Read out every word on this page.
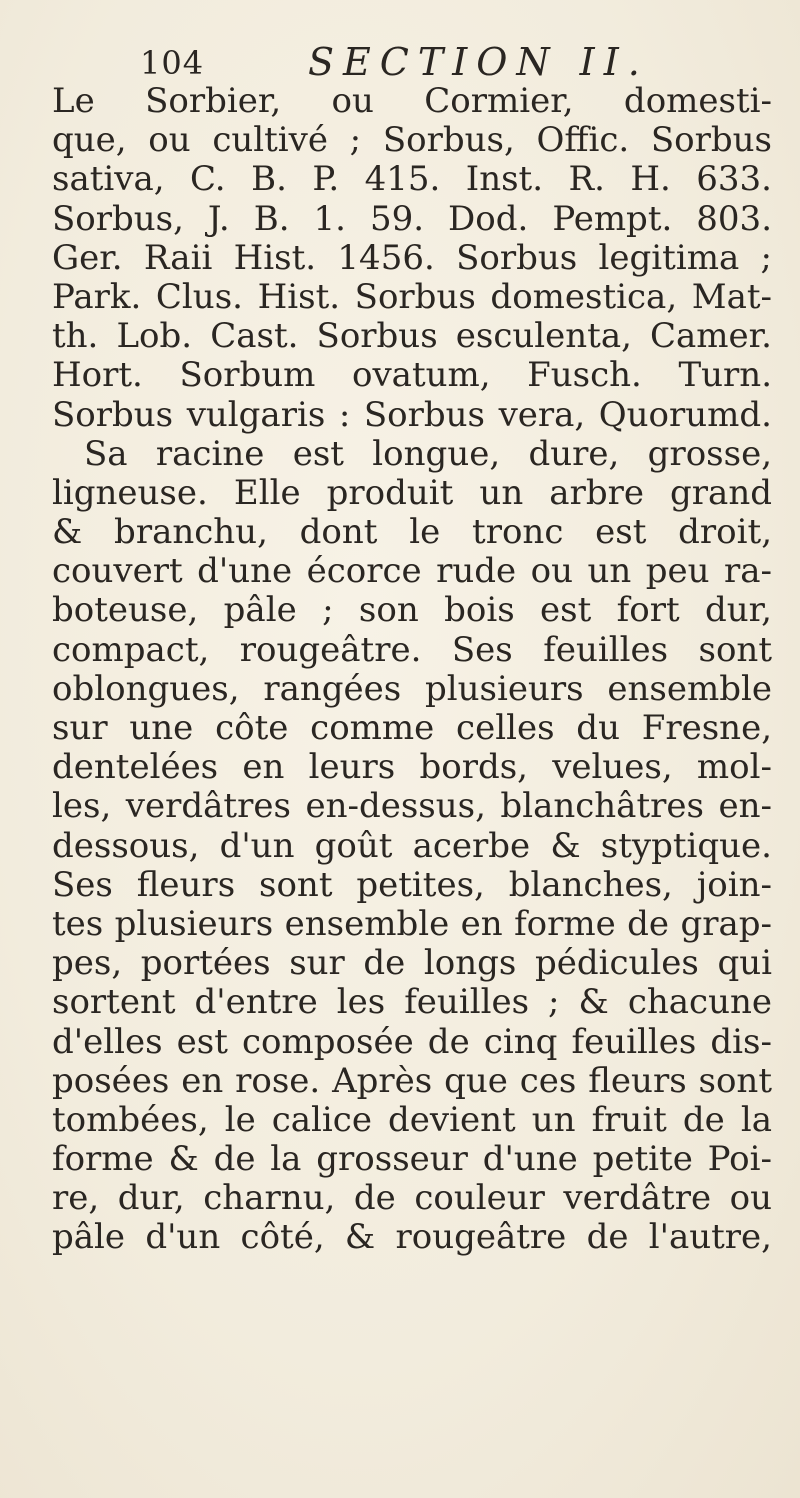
104	SECTION II.
Le Sorbier, ou Cormier, domesti-
que, ou cultivé ; Sorbus, Offic. Sorbus
sativa, C. B. P. 415. Inst. R. H. 633.
Sorbus, J. B. 1. 59. Dod. Pempt. 803.
Ger. Raii Hist. 1456. Sorbus legitima ;
Park. Clus. Hist. Sorbus domestica, Mat-
th. Lob. Cast. Sorbus esculenta, Camer.
Hort. Sorbum ovatum, Fusch. Turn.
Sorbus vulgaris : Sorbus vera, Quorumd.
Sa racine est longue, dure, grosse,
ligneuse. Elle produit un arbre grand
& branchu, dont le tronc est droit,
couvert d'une écorce rude ou un peu ra-
boteuse, pâle ; son bois est fort dur,
compact, rougeâtre. Ses feuilles sont
oblongues, rangées plusieurs ensemble
sur une côte comme celles du Fresne,
dentelées en leurs bords, velues, mol-
les, verdâtres en-dessus, blanchâtres en-
dessous, d'un goût acerbe & styptique.
Ses fleurs sont petites, blanches, join-
tes plusieurs ensemble en forme de grap-
pes, portées sur de longs pédicules qui
sortent d'entre les feuilles ; & chacune
d'elles est composée de cinq feuilles dis-
posées en rose. Après que ces fleurs sont
tombées, le calice devient un fruit de la
forme & de la grosseur d'une petite Poi-
re, dur, charnu, de couleur verdâtre ou
pâle d'un côté, & rougeâtre de l'autre,
